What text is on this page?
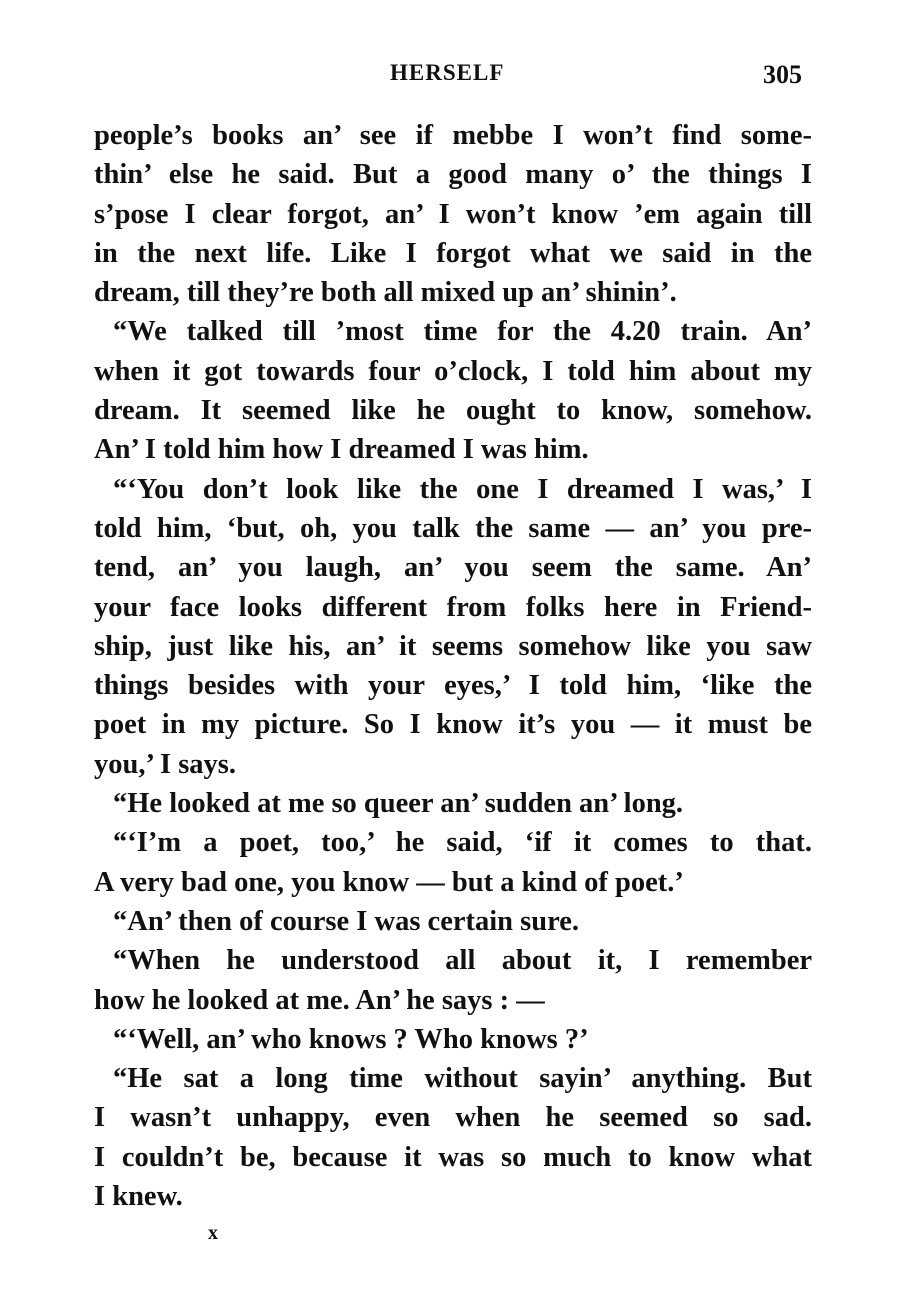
HERSELF	305
people’s books an’ see if mebbe I won’t find some-
thin’ else he said. But a good many o’ the things I
s’pose I clear forgot, an’ I won’t know ’em again till
in the next life. Like I forgot what we said in the
dream, till they’re both all mixed up an’ shinin’.
“We talked till ’most time for the 4.20 train. An’
when it got towards four o’clock, I told him about my
dream. It seemed like he ought to know, somehow.
An’ I told him how I dreamed I was him.
“‘You don’t look like the one I dreamed I was,’ I
told him, ‘but, oh, you talk the same — an’ you pre-
tend, an’ you laugh, an’ you seem the same. An’
your face looks different from folks here in Friend-
ship, just like his, an’ it seems somehow like you saw
things besides with your eyes,’ I told him, ‘like the
poet in my picture. So I know it’s you — it must be
you,’ I says.
“He looked at me so queer an’ sudden an’ long.
“‘I’m a poet, too,’ he said, ‘if it comes to that.
A very bad one, you know — but a kind of poet.’
“An’ then of course I was certain sure.
“When he understood all about it, I remember
how he looked at me. An’ he says : —
“‘Well, an’ who knows ? Who knows ?’
“He sat a long time without sayin’ anything. But
I wasn’t unhappy, even when he seemed so sad.
I couldn’t be, because it was so much to know what
I knew.
x
